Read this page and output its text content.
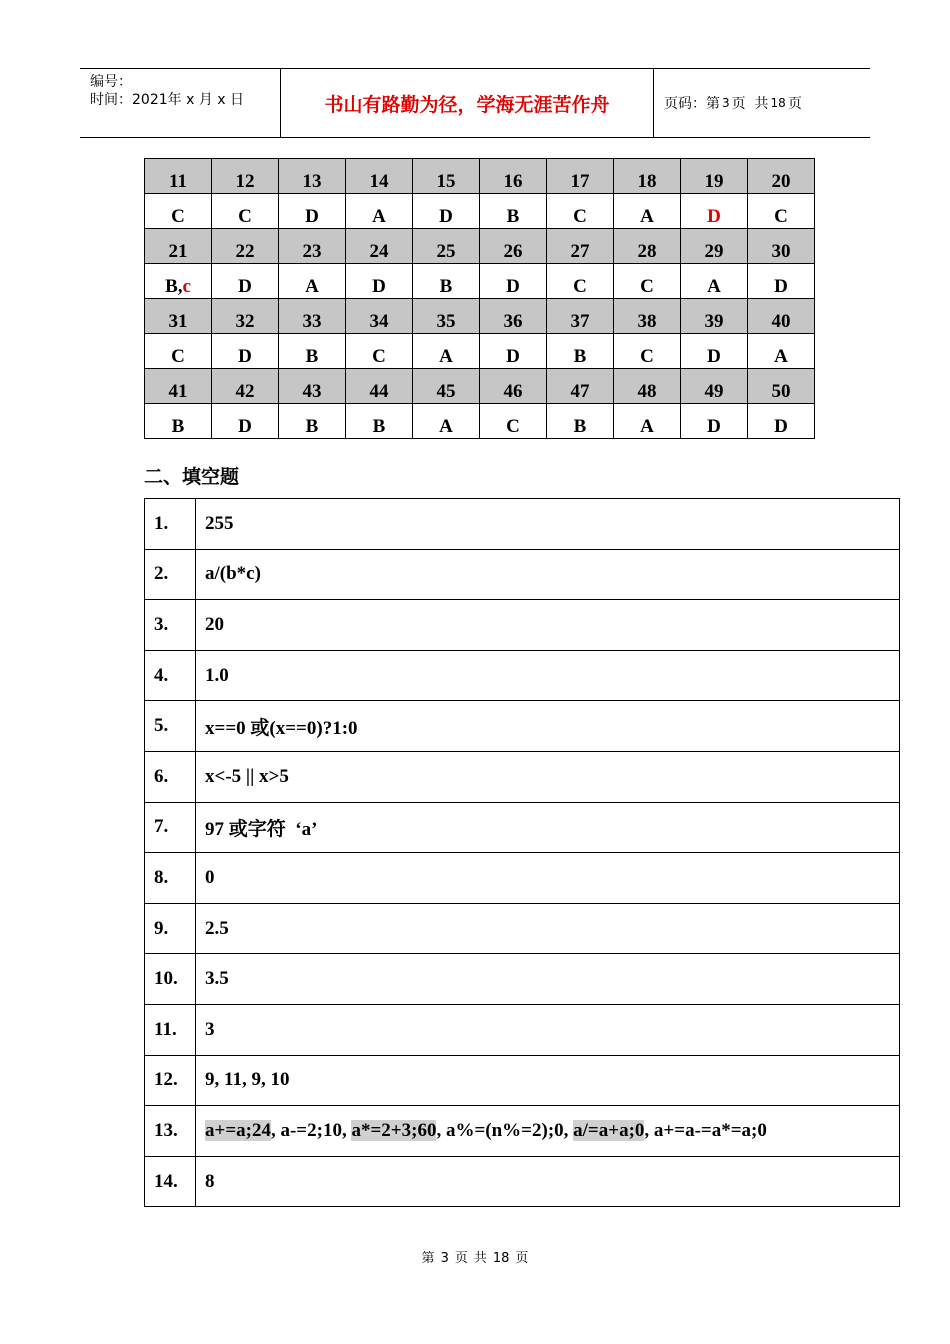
编号：
时间：2021年 x 月 x 日	书山有路勤为径，学海无涯苦作舟	页码：第 3 页
共 18 页
11	12	13	14	15	16	17	18	19	20
C	C	D	A	D	B	C	A	D	C
21	22	23	24	25	26	27	28	29	30
B,c	D	A	D	B	D	C	C	A	D
31	32	33	34	35	36	37	38	39	40
C	D	B	C	A	D	B	C	D	A
41	42	43	44	45	46	47	48	49	50
B	D	B	B	A	C	B	A	D	D
二、填空题
1.	255
2.	a/(b*c)
3.	20
4.	1.0
5.	x==0 或(x==0)?1:0
6.	x<-5 || x>5
7.	97 或字符  ‘a’
8.	0
9.	2.5
10.	3.5
11.	3
12.	9, 11, 9, 10
13.	a+=a;24, a-=2;10, a*=2+3;60, a%=(n%=2);0, a/=a+a;0, a+=a-=a*=a;0
14.	8
第 3 页 共 18 页
